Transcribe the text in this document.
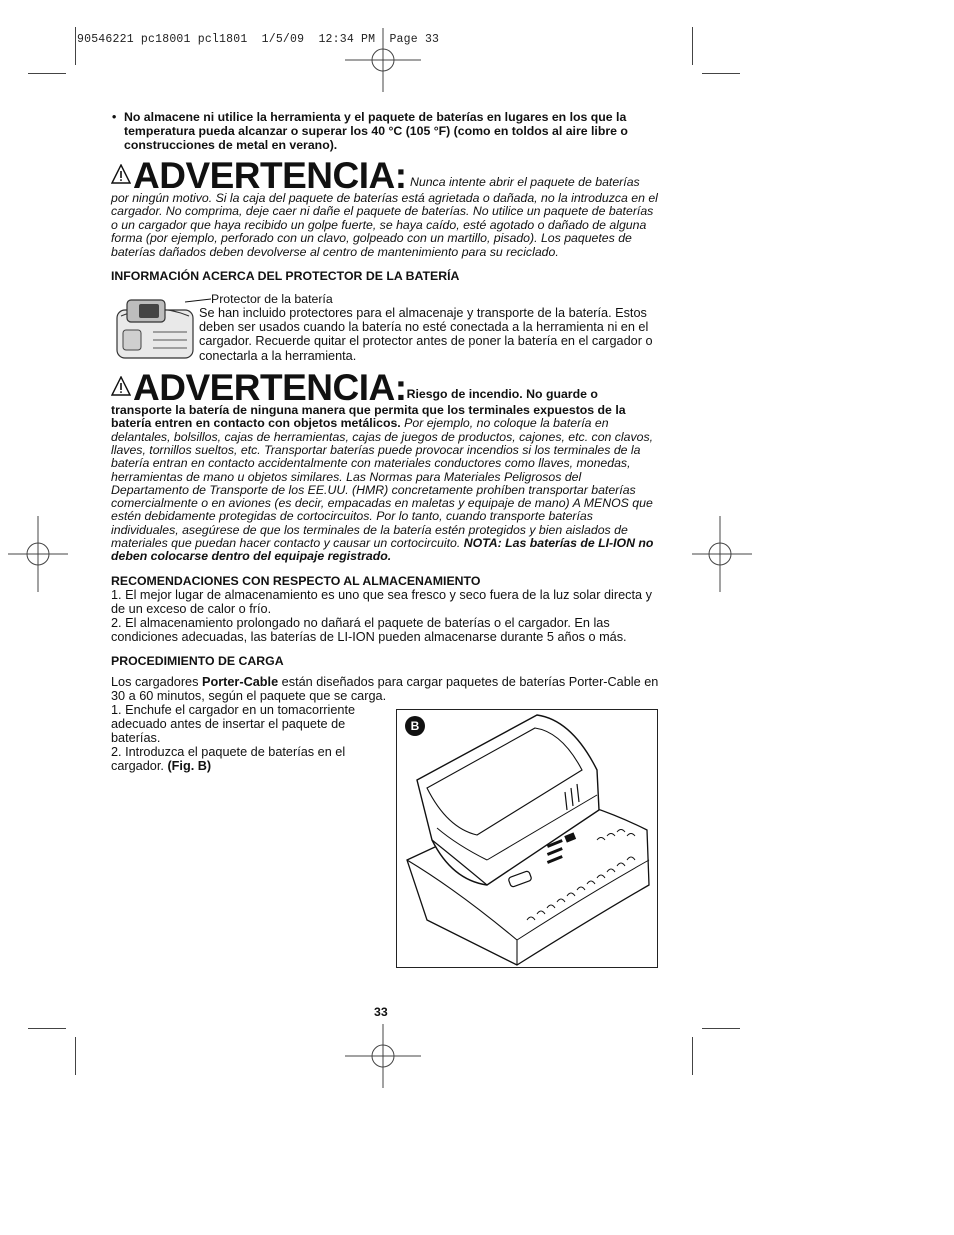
90546221 pc18001 pcl1801  1/5/09  12:34 PM  Page 33
• No almacene ni utilice la herramienta y el paquete de baterías en lugares en los que la temperatura pueda alcanzar o superar los 40 °C (105 °F) (como en toldos al aire libre o construcciones de metal en verano).
ADVERTENCIA: Nunca intente abrir el paquete de baterías por ningún motivo. Si la caja del paquete de baterías está agrietada o dañada, no la introduzca en el cargador. No comprima, deje caer ni dañe el paquete de baterías. No utilice un paquete de baterías o un cargador que haya recibido un golpe fuerte, se haya caído, esté agotado o dañado de alguna forma (por ejemplo, perforado con un clavo, golpeado con un martillo, pisado). Los paquetes de baterías dañados deben devolverse al centro de mantenimiento para su reciclado.
INFORMACIÓN ACERCA DEL PROTECTOR DE LA BATERÍA
Protector de la batería
Se han incluido protectores para el almacenaje y transporte de la batería. Estos deben ser usados cuando la batería no esté conectada a la herramienta ni en el cargador. Recuerde quitar el protector antes de poner la batería en el cargador o conectarla a la herramienta.
ADVERTENCIA:Riesgo de incendio. No guarde o transporte la batería de ninguna manera que permita que los terminales expuestos de la batería entren en contacto con objetos metálicos. Por ejemplo, no coloque la batería en delantales, bolsillos, cajas de herramientas, cajas de juegos de productos, cajones, etc. con clavos, llaves, tornillos sueltos, etc. Transportar baterías puede provocar incendios si los terminales de la batería entran en contacto accidentalmente con materiales conductores como llaves, monedas, herramientas de mano u objetos similares. Las Normas para Materiales Peligrosos del Departamento de Transporte de los EE.UU. (HMR) concretamente prohíben transportar baterías comercialmente o en aviones (es decir, empacadas en maletas y equipaje de mano) A MENOS que estén debidamente protegidas de cortocircuitos. Por lo tanto, cuando transporte baterías individuales, asegúrese de que los terminales de la batería estén protegidos y bien aislados de materiales que puedan hacer contacto y causar un cortocircuito. NOTA: Las baterías de LI-ION no deben colocarse dentro del equipaje registrado.
RECOMENDACIONES CON RESPECTO AL ALMACENAMIENTO
1. El mejor lugar de almacenamiento es uno que sea fresco y seco fuera de la luz solar directa y de un exceso de calor o frío.
2. El almacenamiento prolongado no dañará el paquete de baterías o el cargador. En las condiciones adecuadas, las baterías de LI-ION pueden almacenarse durante 5 años o más.
PROCEDIMIENTO DE CARGA
Los cargadores Porter-Cable están diseñados para cargar paquetes de baterías Porter-Cable en 30 a 60 minutos, según el paquete que se carga.
1. Enchufe el cargador en un tomacorriente adecuado antes de insertar el paquete de baterías.
2. Introduzca el paquete de baterías en el cargador. (Fig. B)
B
33
